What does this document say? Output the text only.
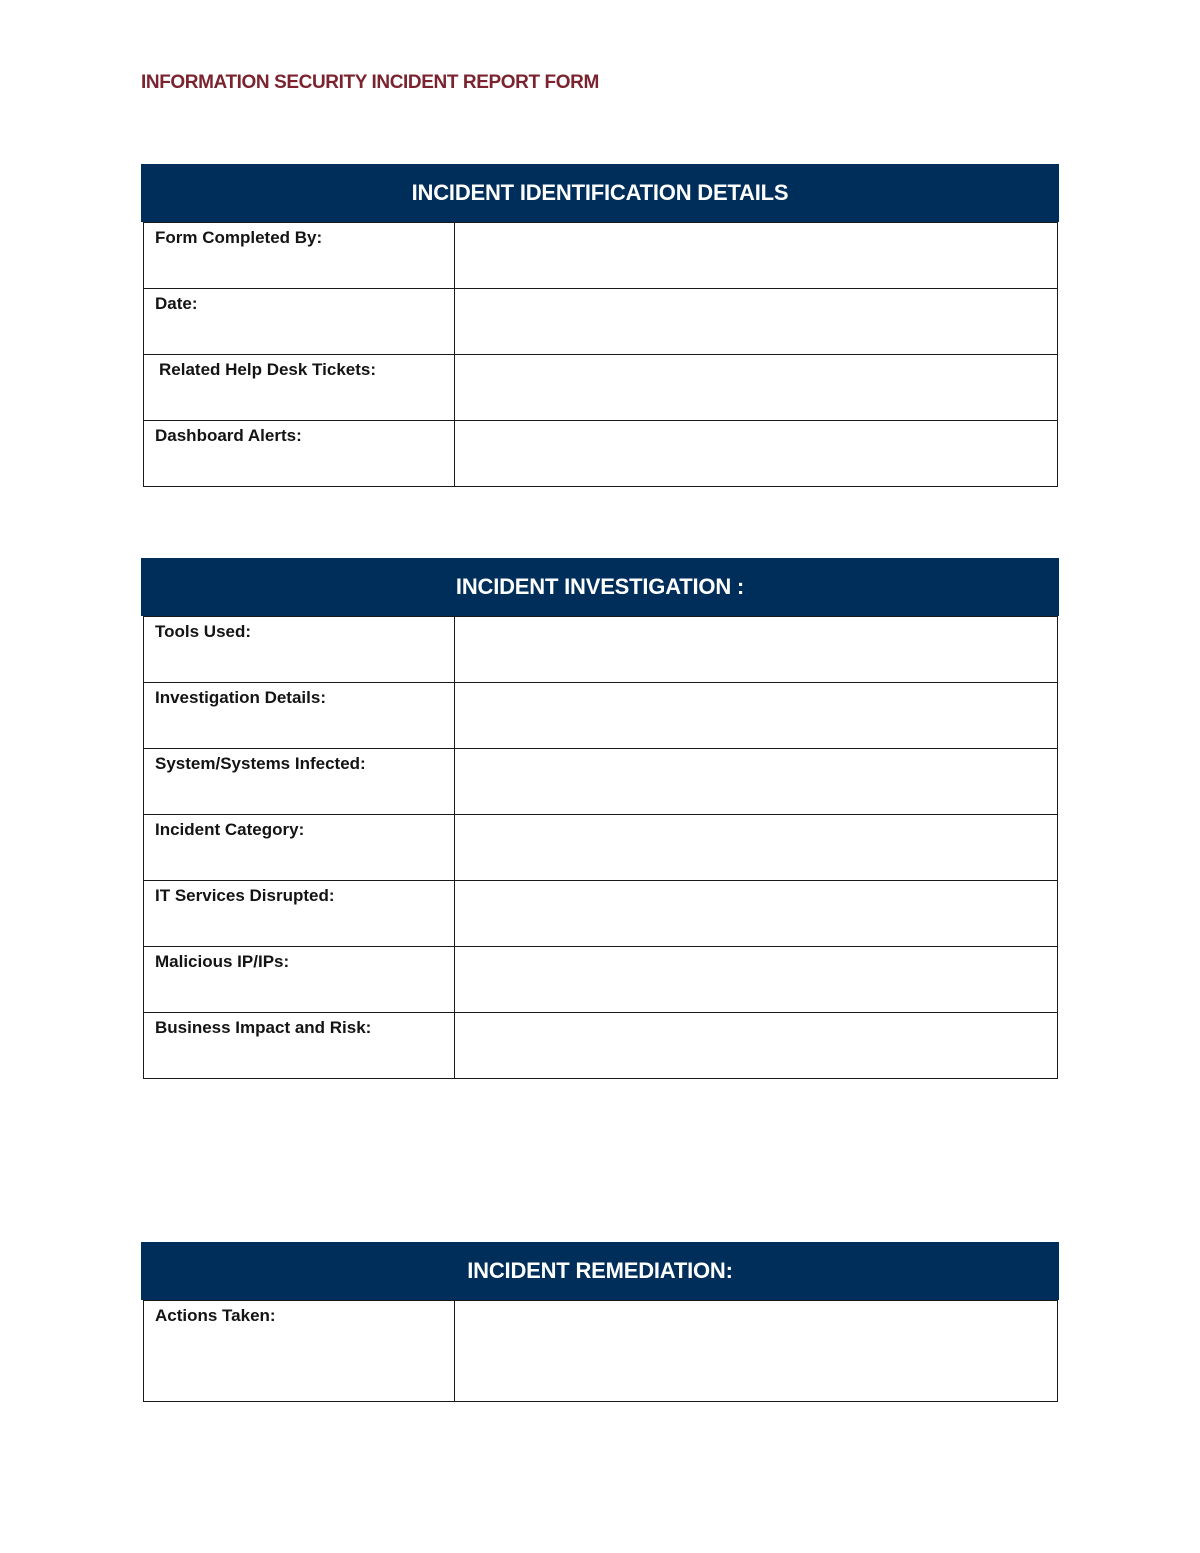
INFORMATION SECURITY INCIDENT REPORT FORM
INCIDENT IDENTIFICATION DETAILS
Form Completed By:	
Date:	
Related Help Desk Tickets:	
Dashboard Alerts:	
INCIDENT INVESTIGATION :
Tools Used:	
Investigation Details:	
System/Systems Infected:	
Incident Category:	
IT Services Disrupted:	
Malicious IP/IPs:	
Business Impact and Risk:	
INCIDENT REMEDIATION:
Actions Taken:	
